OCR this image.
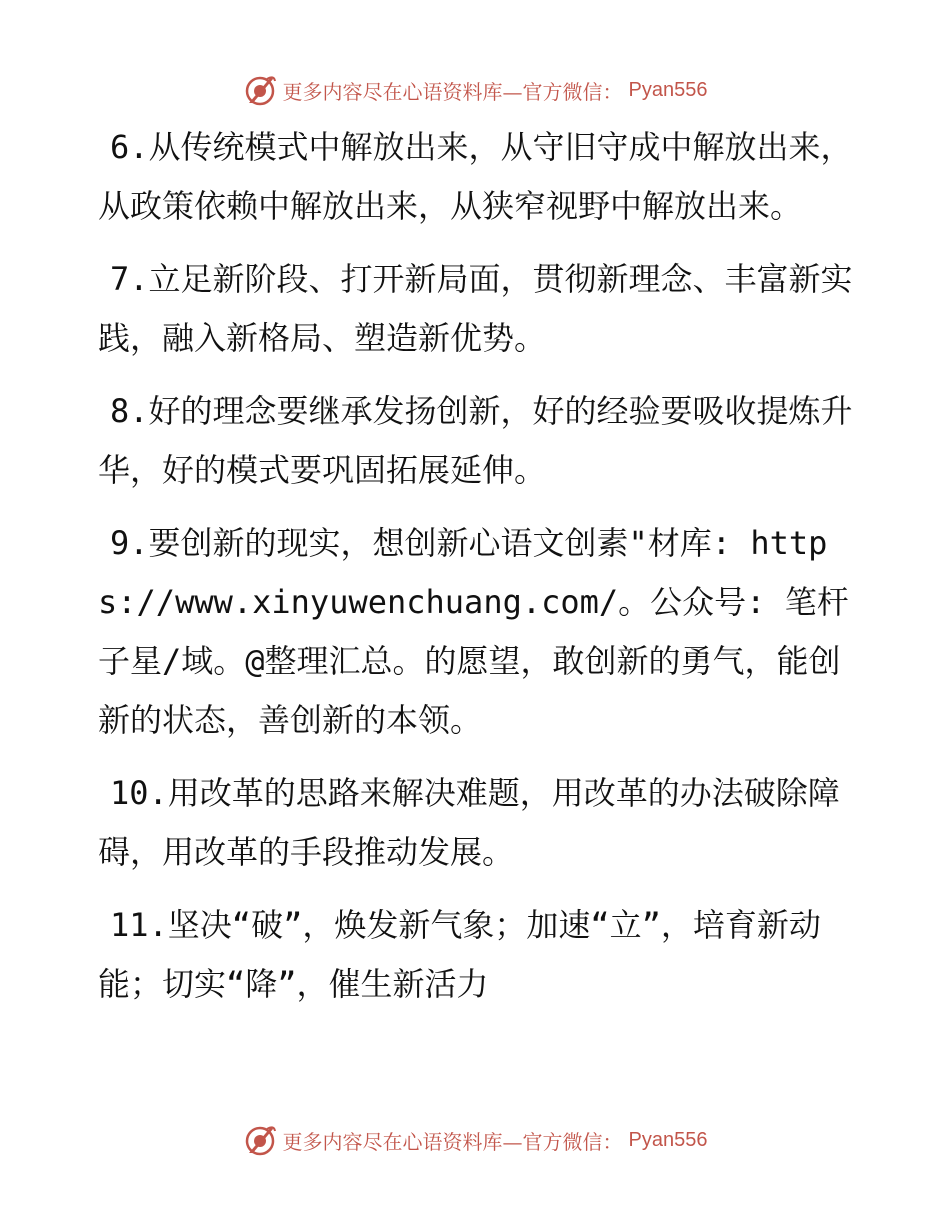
更多内容尽在心语资料库—官方微信： Pyan556

6.从传统模式中解放出来，从守旧守成中解放出来，从政策依赖中解放出来，从狭窄视野中解放出来。

7.立足新阶段、打开新局面，贯彻新理念、丰富新实践，融入新格局、塑造新优势。

8.好的理念要继承发扬创新，好的经验要吸收提炼升华，好的模式要巩固拓展延伸。

9.要创新的现实，想创新心语文创素"材库: https://www.xinyuwenchuang.com/。公众号: 笔杆子星/域。@整理汇总。的愿望，敢创新的勇气，能创新的状态，善创新的本领。

10.用改革的思路来解决难题，用改革的办法破除障碍，用改革的手段推动发展。

11.坚决“破”，焕发新气象；加速“立”，培育新动能；切实“降”，催生新活力

更多内容尽在心语资料库—官方微信： Pyan556
